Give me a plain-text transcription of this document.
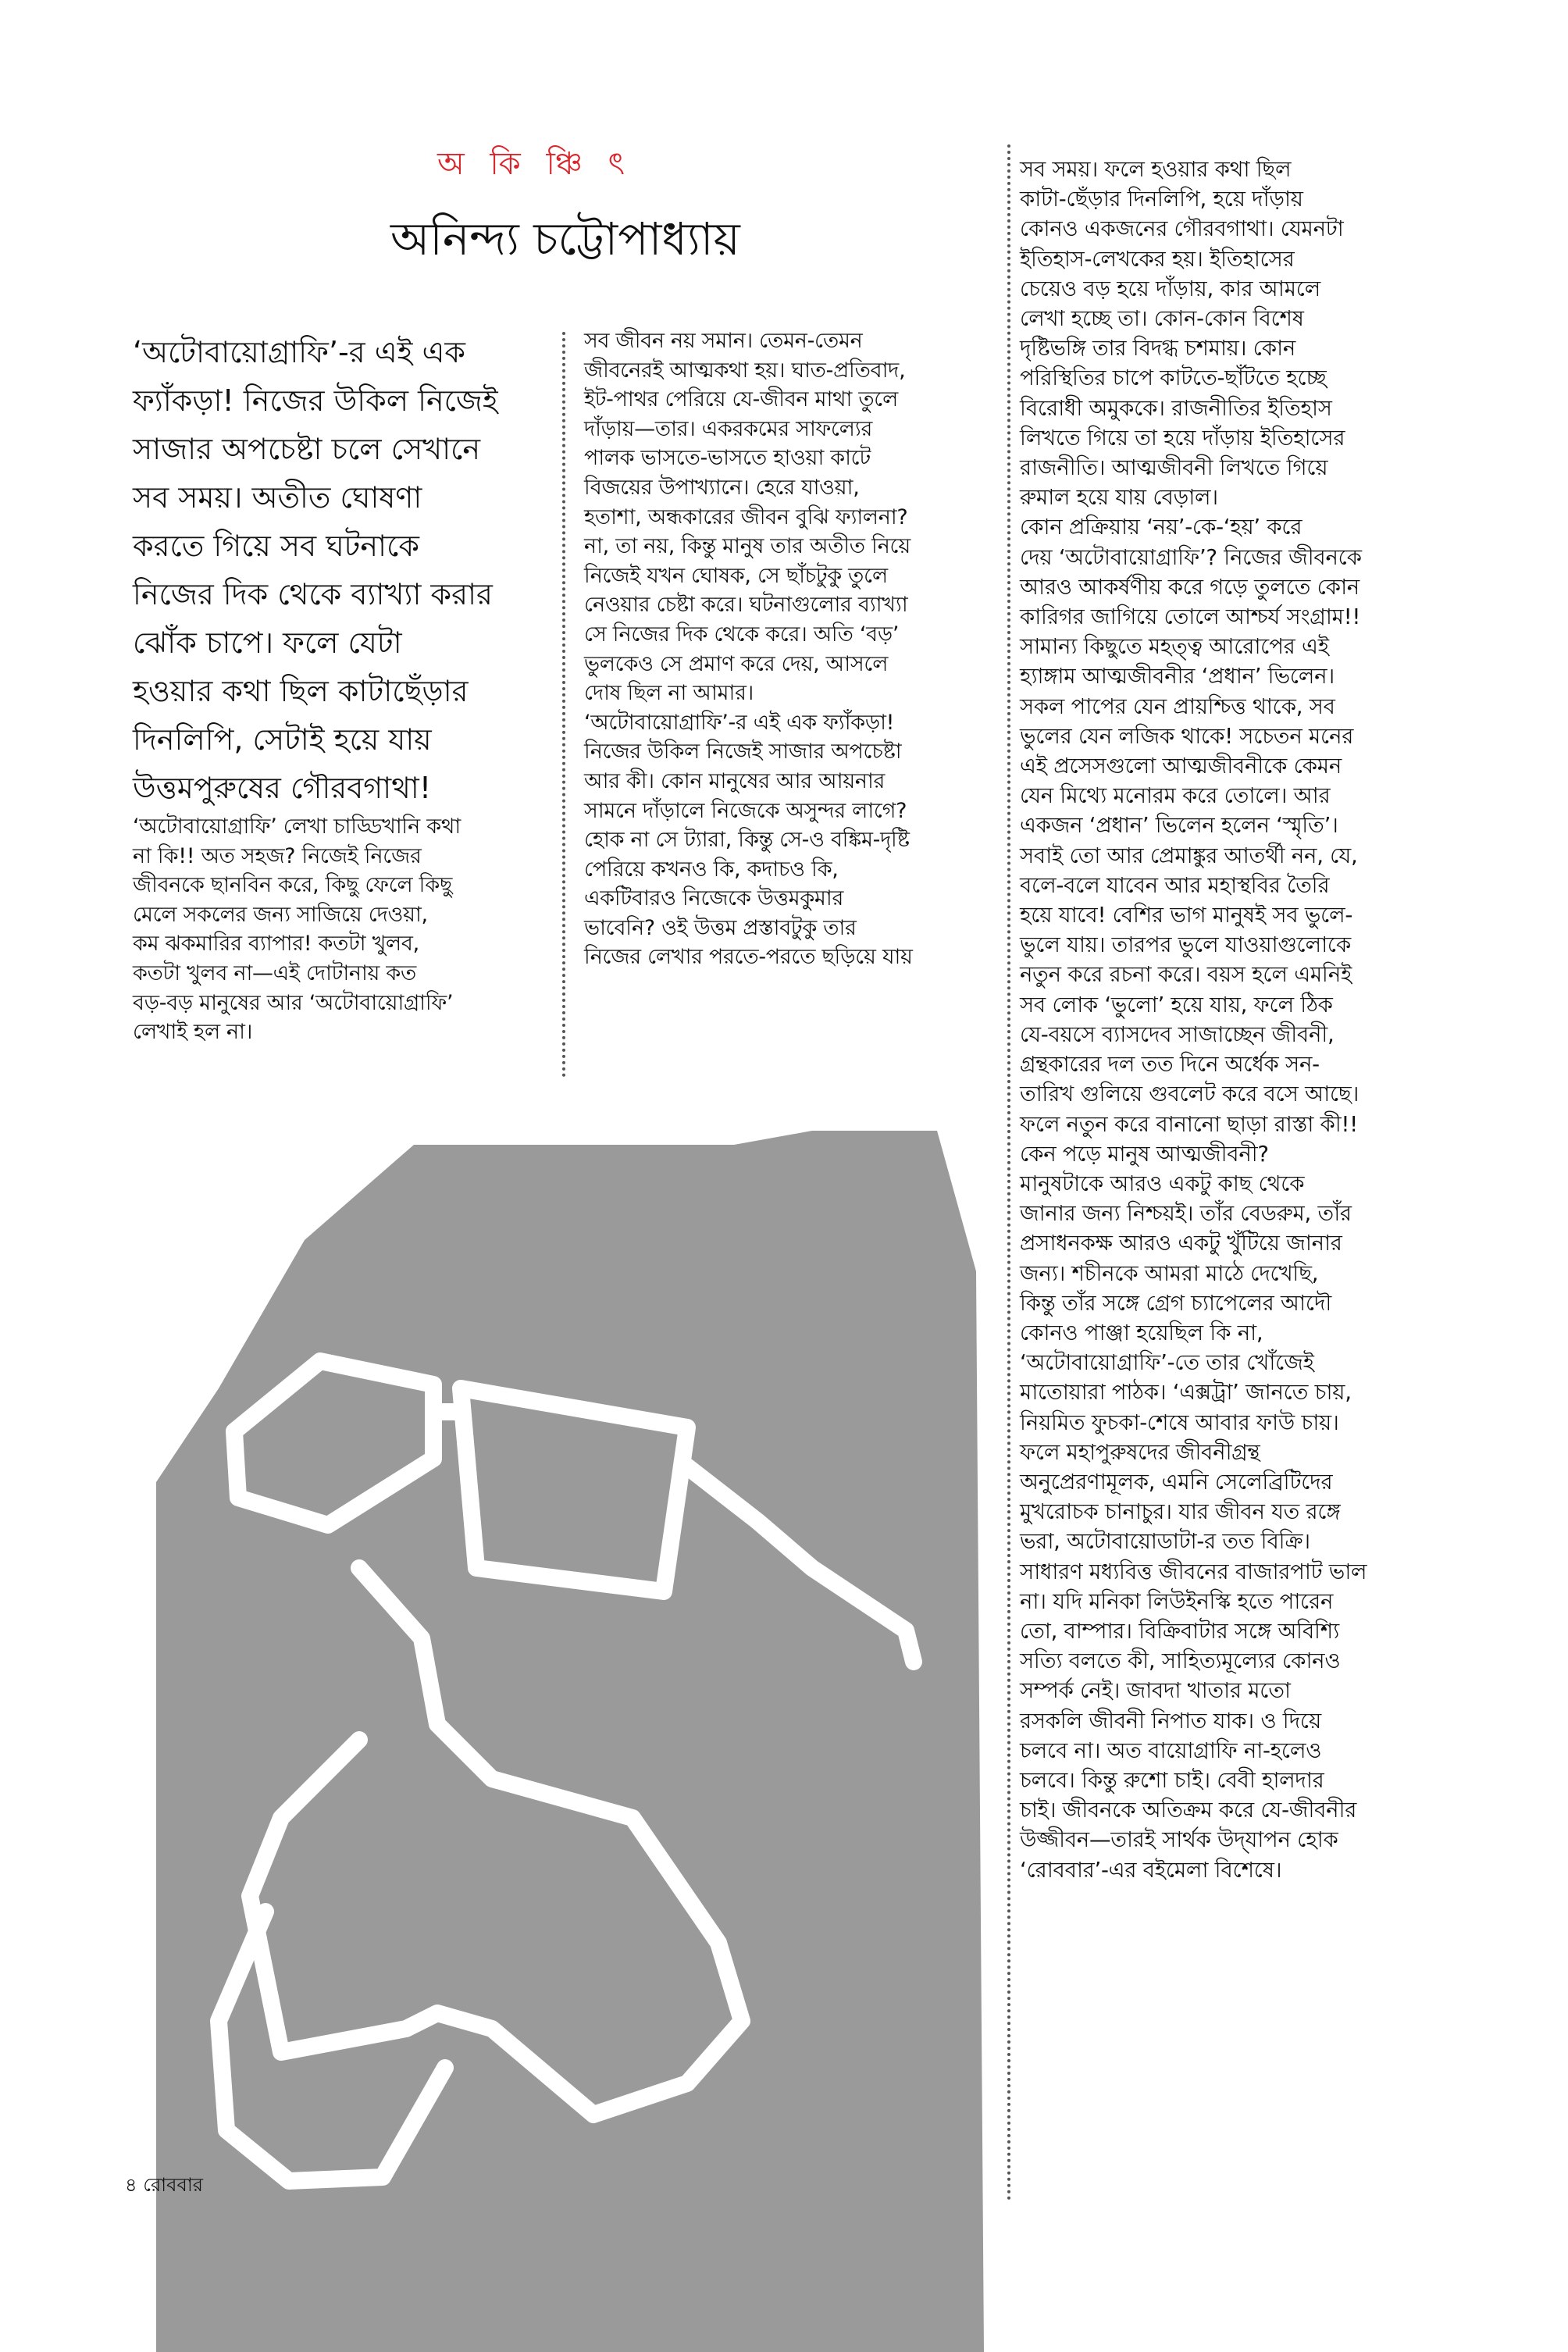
অ কি ঞ্চি ৎ
অনিন্দ্য চট্টোপাধ্যায়
‘অটোবায়োগ্রাফি’-র এই এক
ফ্যাঁকড়া! নিজের উকিল নিজেই
সাজার অপচেষ্টা চলে সেখানে
সব সময়। অতীত ঘোষণা
করতে গিয়ে সব ঘটনাকে
নিজের দিক থেকে ব্যাখ্যা করার
ঝোঁক চাপে। ফলে যেটা
হওয়ার কথা ছিল কাটাছেঁড়ার
দিনলিপি, সেটাই হয়ে যায়
উত্তমপুরুষের গৌরবগাথা!
‘অটোবায়োগ্রাফি’ লেখা চাড্ডিখানি কথা
না কি!! অত সহজ? নিজেই নিজের
জীবনকে ছানবিন করে, কিছু ফেলে কিছু
মেলে সকলের জন্য সাজিয়ে দেওয়া,
কম ঝকমারির ব্যাপার! কতটা খুলব,
কতটা খুলব না—এই দোটানায় কত
বড়-বড় মানুষের আর ‘অটোবায়োগ্রাফি’
লেখাই হল না।
সব জীবন নয় সমান। তেমন-তেমন
জীবনেরই আত্মকথা হয়। ঘাত-প্রতিবাদ,
ইট-পাথর পেরিয়ে যে-জীবন মাথা তুলে
দাঁড়ায়—তার। একরকমের সাফল্যের
পালক ভাসতে-ভাসতে হাওয়া কাটে
বিজয়ের উপাখ্যানে। হেরে যাওয়া,
হতাশা, অন্ধকারের জীবন বুঝি ফ্যালনা?
না, তা নয়, কিন্তু মানুষ তার অতীত নিয়ে
নিজেই যখন ঘোষক, সে ছাঁচটুকু তুলে
নেওয়ার চেষ্টা করে। ঘটনাগুলোর ব্যাখ্যা
সে নিজের দিক থেকে করে। অতি ‘বড়’
ভুলকেও সে প্রমাণ করে দেয়, আসলে
দোষ ছিল না আমার।
‘অটোবায়োগ্রাফি’-র এই এক ফ্যাঁকড়া!
নিজের উকিল নিজেই সাজার অপচেষ্টা
আর কী। কোন মানুষের আর আয়নার
সামনে দাঁড়ালে নিজেকে অসুন্দর লাগে?
হোক না সে ট্যারা, কিন্তু সে-ও বঙ্কিম-দৃষ্টি
পেরিয়ে কখনও কি, কদাচও কি,
একটিবারও নিজেকে উত্তমকুমার
ভাবেনি? ওই উত্তম প্রস্তাবটুকু তার
নিজের লেখার পরতে-পরতে ছড়িয়ে যায়
সব সময়। ফলে হওয়ার কথা ছিল
কাটা-ছেঁড়ার দিনলিপি, হয়ে দাঁড়ায়
কোনও একজনের গৌরবগাথা। যেমনটা
ইতিহাস-লেখকের হয়। ইতিহাসের
চেয়েও বড় হয়ে দাঁড়ায়, কার আমলে
লেখা হচ্ছে তা। কোন-কোন বিশেষ
দৃষ্টিভঙ্গি তার বিদগ্ধ চশমায়। কোন
পরিস্থিতির চাপে কাটতে-ছাঁটতে হচ্ছে
বিরোধী অমুককে। রাজনীতির ইতিহাস
লিখতে গিয়ে তা হয়ে দাঁড়ায় ইতিহাসের
রাজনীতি। আত্মজীবনী লিখতে গিয়ে
রুমাল হয়ে যায় বেড়াল।
কোন প্রক্রিয়ায় ‘নয়’-কে-‘হয়’ করে
দেয় ‘অটোবায়োগ্রাফি’? নিজের জীবনকে
আরও আকর্ষণীয় করে গড়ে তুলতে কোন
কারিগর জাগিয়ে তোলে আশ্চর্য সংগ্রাম!!
সামান্য কিছুতে মহত্ত্ব আরোপের এই
হ্যাঙ্গাম আত্মজীবনীর ‘প্রধান’ ভিলেন।
সকল পাপের যেন প্রায়শ্চিত্ত থাকে, সব
ভুলের যেন লজিক থাকে! সচেতন মনের
এই প্রসেসগুলো আত্মজীবনীকে কেমন
যেন মিথ্যে মনোরম করে তোলে। আর
একজন ‘প্রধান’ ভিলেন হলেন ‘স্মৃতি’।
সবাই তো আর প্রেমাঙ্কুর আতর্থী নন, যে,
বলে-বলে যাবেন আর মহাস্থবির তৈরি
হয়ে যাবে! বেশির ভাগ মানুষই সব ভুলে-
ভুলে যায়। তারপর ভুলে যাওয়াগুলোকে
নতুন করে রচনা করে। বয়স হলে এমনিই
সব লোক ‘ভুলো’ হয়ে যায়, ফলে ঠিক
যে-বয়সে ব্যাসদেব সাজাচ্ছেন জীবনী,
গ্রন্থকারের দল তত দিনে অর্ধেক সন-
তারিখ গুলিয়ে গুবলেট করে বসে আছে।
ফলে নতুন করে বানানো ছাড়া রাস্তা কী!!
কেন পড়ে মানুষ আত্মজীবনী?
মানুষটাকে আরও একটু কাছ থেকে
জানার জন্য নিশ্চয়ই। তাঁর বেডরুম, তাঁর
প্রসাধনকক্ষ আরও একটু খুঁটিয়ে জানার
জন্য। শচীনকে আমরা মাঠে দেখেছি,
কিন্তু তাঁর সঙ্গে গ্রেগ চ্যাপেলের আদৌ
কোনও পাঞ্জা হয়েছিল কি না,
‘অটোবায়োগ্রাফি’-তে তার খোঁজেই
মাতোয়ারা পাঠক। ‘এক্সট্রা’ জানতে চায়,
নিয়মিত ফুচকা-শেষে আবার ফাউ চায়।
ফলে মহাপুরুষদের জীবনীগ্রন্থ
অনুপ্রেরণামূলক, এমনি সেলেব্রিটিদের
মুখরোচক চানাচুর। যার জীবন যত রঙ্গে
ভরা, অটোবায়োডাটা-র তত বিক্রি।
সাধারণ মধ্যবিত্ত জীবনের বাজারপাট ভাল
না। যদি মনিকা লিউইনস্কি হতে পারেন
তো, বাম্পার। বিক্রিবাটার সঙ্গে অবিশ্যি
সত্যি বলতে কী, সাহিত্যমূল্যের কোনও
সম্পর্ক নেই। জাবদা খাতার মতো
রসকলি জীবনী নিপাত যাক। ও দিয়ে
চলবে না। অত বায়োগ্রাফি না-হলেও
চলবে। কিন্তু রুশো চাই। বেবী হালদার
চাই। জীবনকে অতিক্রম করে যে-জীবনীর
উজ্জীবন—তারই সার্থক উদ্‌যাপন হোক
‘রোববার’-এর বইমেলা বিশেষে।
৪ রোববার
